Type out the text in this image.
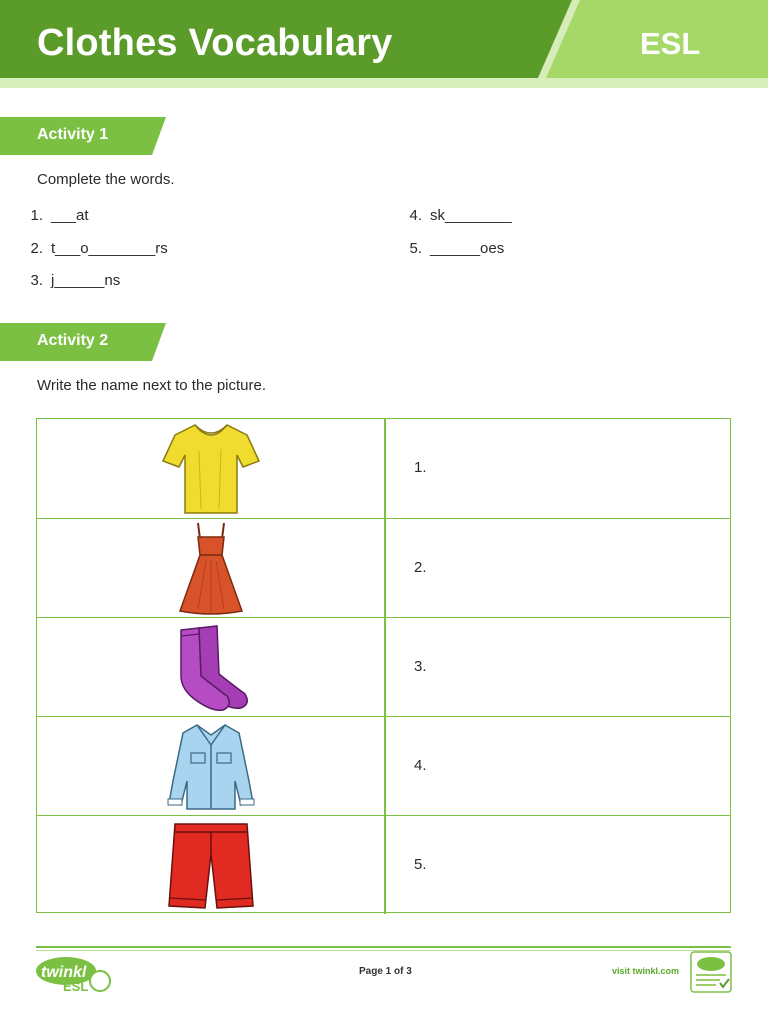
Clothes Vocabulary	ESL
Activity 1
Complete the words.
1. ___at
2. t___o________rs
3. j______ns
4. sk________
5. ______oes
Activity 2
Write the name next to the picture.
1.
2.
3.
4.
5.
twinkl
ESL
Page 1 of 3	visit twinkl.com
